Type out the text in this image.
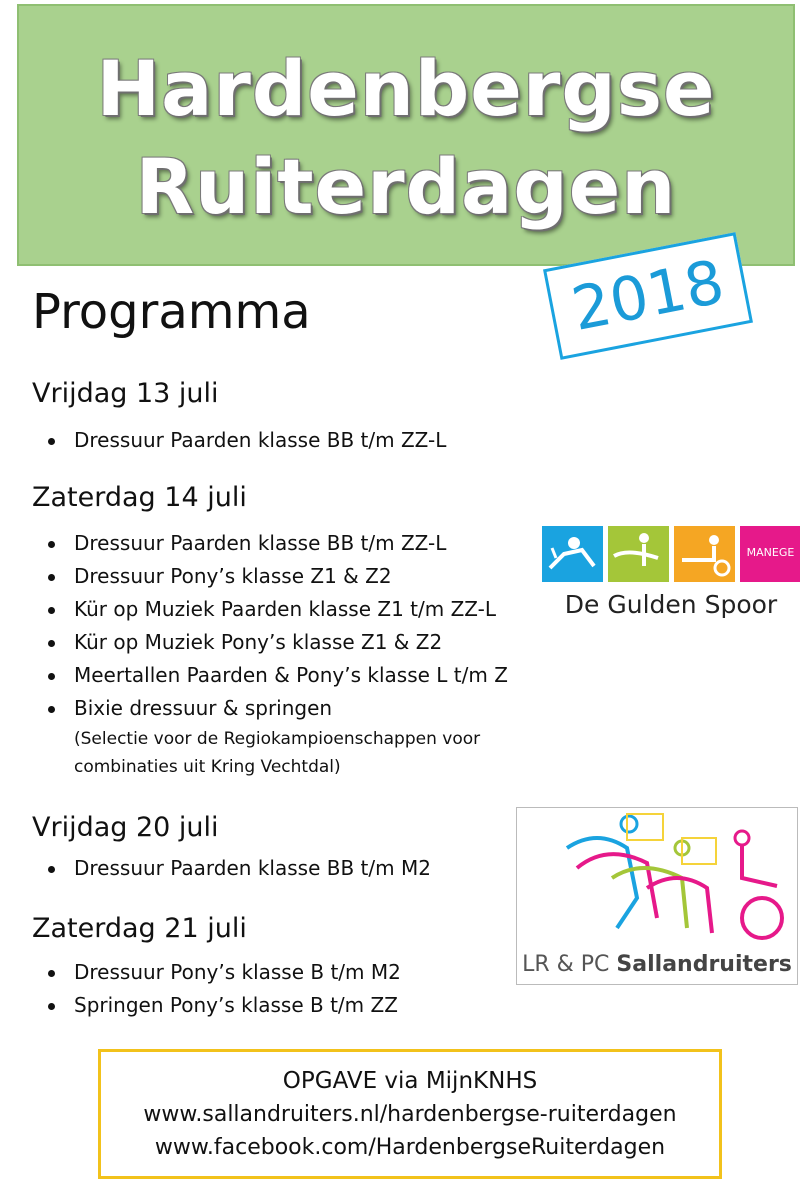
Hardenbergse
Ruiterdagen
2018
Programma
Vrijdag 13 juli
Dressuur Paarden klasse BB t/m ZZ-L
Zaterdag 14 juli
Dressuur Paarden klasse BB t/m ZZ-L
Dressuur Pony’s klasse Z1 & Z2
Kür op Muziek Paarden klasse Z1 t/m ZZ-L
Kür op Muziek Pony’s klasse Z1 & Z2
Meertallen Paarden & Pony’s klasse L t/m Z
Bixie dressuur & springen
(Selectie voor de Regiokampioenschappen voor
combinaties uit Kring Vechtdal)
Vrijdag 20 juli
Dressuur Paarden klasse BB t/m M2
Zaterdag 21 juli
Dressuur Pony’s klasse B t/m M2
Springen Pony’s klasse B t/m ZZ
MANEGE
De Gulden Spoor
LR & PC Sallandruiters
OPGAVE via MijnKNHS
www.sallandruiters.nl/hardenbergse-ruiterdagen
www.facebook.com/HardenbergseRuiterdagen
